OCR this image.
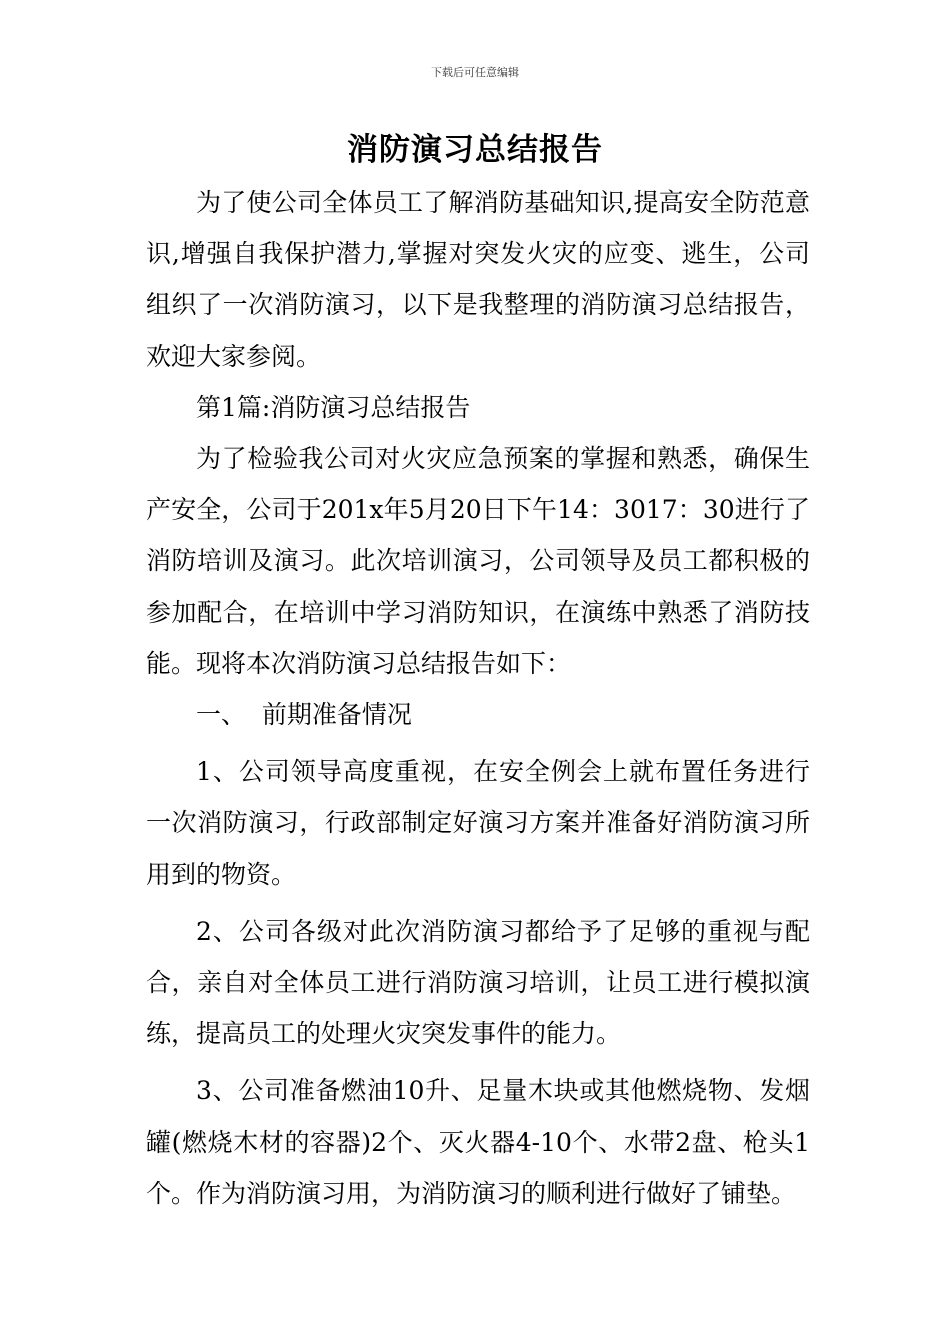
下载后可任意编辑
消防演习总结报告

为了使公司全体员工了解消防基础知识,提高安全防范意识,增强自我保护潜力,掌握对突发火灾的应变、逃生，公司组织了一次消防演习，以下是我整理的消防演习总结报告，欢迎大家参阅。

第1篇:消防演习总结报告

为了检验我公司对火灾应急预案的掌握和熟悉，确保生产安全，公司于201x年5月20日下午14：3017：30进行了消防培训及演习。此次培训演习，公司领导及员工都积极的参加配合，在培训中学习消防知识，在演练中熟悉了消防技能。现将本次消防演习总结报告如下：

一、  前期准备情况

1、公司领导高度重视，在安全例会上就布置任务进行一次消防演习，行政部制定好演习方案并准备好消防演习所用到的物资。

2、公司各级对此次消防演习都给予了足够的重视与配合，亲自对全体员工进行消防演习培训，让员工进行模拟演练，提高员工的处理火灾突发事件的能力。

3、公司准备燃油10升、足量木块或其他燃烧物、发烟罐(燃烧木材的容器)2个、灭火器4-10个、水带2盘、枪头1个。作为消防演习用，为消防演习的顺利进行做好了铺垫。
